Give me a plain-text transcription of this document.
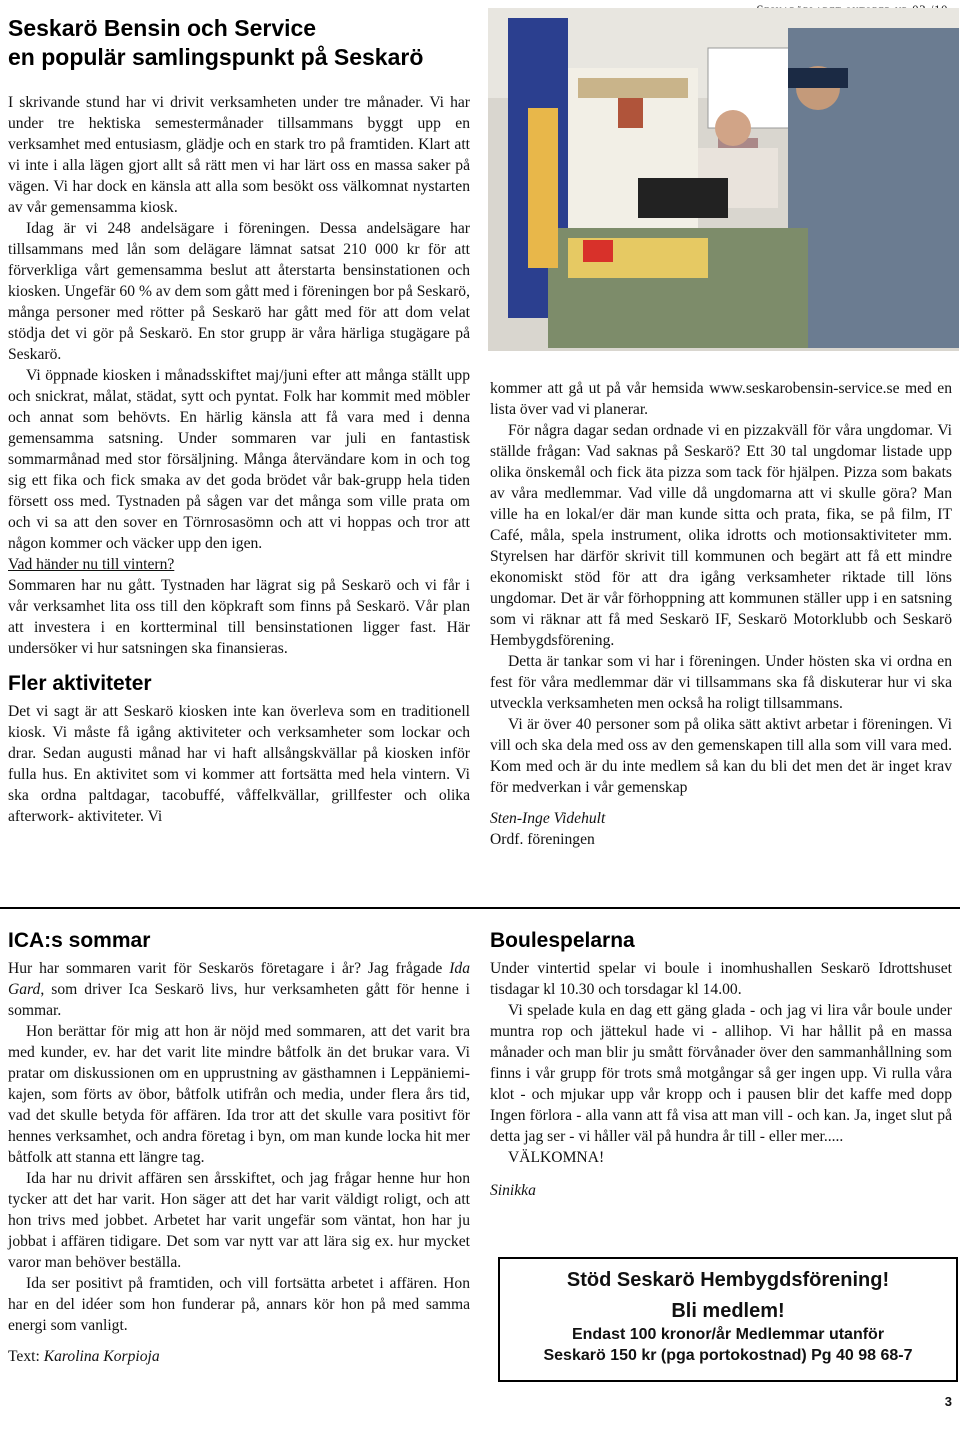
Seskarö Bensin och Service
en populär samlingspunkt på Seskarö

I skrivande stund har vi drivit verksamheten under tre månader. Vi har under tre hektiska semestermånader tillsammans byggt upp en verksamhet med entusiasm, glädje och en stark tro på framtiden. Klart att vi inte i alla lägen gjort allt så rätt men vi har lärt oss en massa saker på vägen. Vi har dock en känsla att alla som besökt oss välkomnat nystarten av vår gemensamma kiosk.

Idag är vi 248 andelsägare i föreningen. Dessa andelsägare har tillsammans med lån som delägare lämnat satsat 210 000 kr för att förverkliga vårt gemensamma beslut att återstarta bensinstationen och kiosken. Ungefär 60 % av dem som gått med i föreningen bor på Seskarö, många personer med rötter på Seskarö har gått med för att dom velat stödja det vi gör på Seskarö. En stor grupp är våra härliga stugägare på Seskarö.

Vi öppnade kiosken i månadsskiftet maj/juni efter att många ställt upp och snickrat, målat, städat, sytt och pyntat. Folk har kommit med möbler och annat som behövts. En härlig känsla att få vara med i denna gemensamma satsning. Under sommaren var juli en fantastisk sommarmånad med stor försäljning. Många återvändare kom in och tog sig ett fika och fick smaka av det goda brödet vår bak-grupp hela tiden försett oss med. Tystnaden på sågen var det många som ville prata om och vi sa att den sover en Törnrosasömn och att vi hoppas och tror att någon kommer och väcker upp den igen.

Vad händer nu till vintern?

Sommaren har nu gått. Tystnaden har lägrat sig på Seskarö och vi får i vår verksamhet lita oss till den köpkraft som finns på Seskarö. Vår plan att investera i en kortterminal till bensinstationen ligger fast. Här undersöker vi hur satsningen ska finansieras.

Fler aktiviteter

Det vi sagt är att Seskarö kiosken inte kan överleva som en traditionell kiosk. Vi måste få igång aktiviteter och verksamheter som lockar och drar. Sedan augusti månad har vi haft allsångskvällar på kiosken inför fulla hus. En aktivitet som vi kommer att fortsätta med hela vintern. Vi ska ordna paltdagar, tacobuffé, våffelkvällar, grillfester och olika afterwork- aktiviteter. Vi

kommer att gå ut på vår hemsida www.seskarobensin-service.se med en lista över vad vi planerar.

För några dagar sedan ordnade vi en pizzakväll för våra ungdomar. Vi ställde frågan: Vad saknas på Seskarö? Ett 30 tal ungdomar listade upp olika önskemål och fick äta pizza som tack för hjälpen. Pizza som bakats av våra medlemmar. Vad ville då ungdomarna att vi skulle göra? Man ville ha en lokal/er där man kunde sitta och prata, fika, se på film, IT Café, måla, spela instrument, olika idrotts och motionsaktiviteter mm. Styrelsen har därför skrivit till kommunen och begärt att få ett mindre ekonomiskt stöd för att dra igång verksamheter riktade till löns ungdomar. Det är vår förhoppning att kommunen ställer upp i en satsning som vi räknar att få med Seskarö IF, Seskarö Motorklubb och Seskarö Hembygdsförening.

Detta är tankar som vi har i föreningen. Under hösten ska vi ordna en fest för våra medlemmar där vi tillsammans ska få diskuterar hur vi ska utveckla verksamheten men också ha roligt tillsammans.

Vi är över 40 personer som på olika sätt aktivt arbetar i föreningen. Vi vill och ska dela med oss av den gemenskapen till alla som vill vara med. Kom med och är du inte medlem så kan du bli det men det är inget krav för medverkan i vår gemenskap

Sten-Inge Videhult

Ordf. föreningen

ICA:s sommar

Hur har sommaren varit för Seskarös företagare i år? Jag frågade Ida Gard, som driver Ica Seskarö livs, hur verksamheten gått för henne i sommar.

Hon berättar för mig att hon är nöjd med sommaren, att det varit bra med kunder, ev. har det varit lite mindre båtfolk än det brukar vara. Vi pratar om diskussionen om en upprustning av gästhamnen i Leppäniemi-kajen, som förts av öbor, båtfolk utifrån och media, under flera års tid, vad det skulle betyda för affären. Ida tror att det skulle vara positivt för hennes verksamhet, och andra företag i byn, om man kunde locka hit mer båtfolk att stanna ett längre tag.

Ida har nu drivit affären sen årsskiftet, och jag frågar henne hur hon tycker att det har varit. Hon säger att det har varit väldigt roligt, och att hon trivs med jobbet. Arbetet har varit ungefär som väntat, hon har ju jobbat i affären tidigare. Det som var nytt var att lära sig ex. hur mycket varor man behöver beställa.

Ida ser positivt på framtiden, och vill fortsätta arbetet i affären. Hon har en del idéer som hon funderar på, annars kör hon på med samma energi som vanligt.

Text: Karolina Korpioja

Boulespelarna

Under vintertid spelar vi boule i inomhushallen Seskarö Idrottshuset tisdagar kl 10.30 och torsdagar kl 14.00.

Vi spelade kula en dag ett gäng glada - och jag vi lira vår boule under muntra rop och jättekul hade vi - allihop. Vi har hållit på en massa månader och man blir ju smått förvånader över den sammanhållning som finns i vår grupp för trots små motgångar så ger ingen upp. Vi rulla våra klot - och mjukar upp vår kropp och i pausen blir det kaffe med dopp Ingen förlora - alla vann att få visa att man vill - och kan. Ja, inget slut på detta jag ser - vi håller väl på hundra år till - eller mer.....

VÄLKOMNA!

Sinikka

Stöd Seskarö Hembygdsförening!
Bli medlem!
Endast 100 kronor/år Medlemmar utanför
Seskarö 150 kr (pga portokostnad) Pg 40 98 68-7
3
